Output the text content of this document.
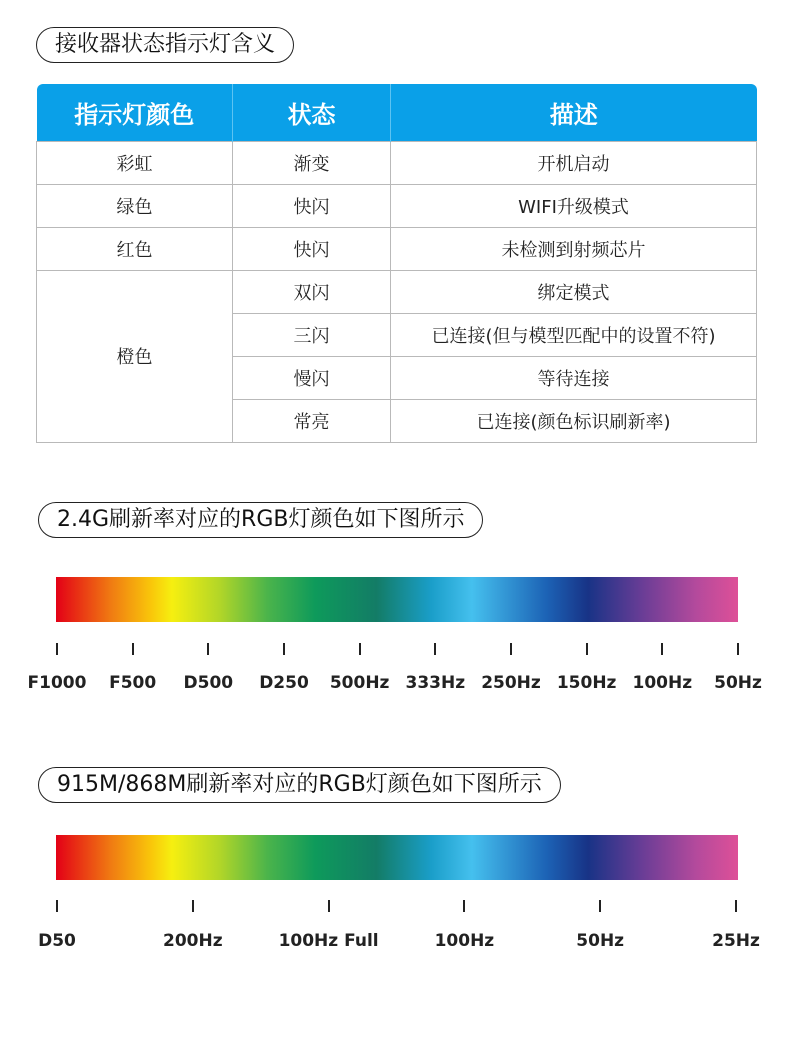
接收器状态指示灯含义
指示灯颜色	状态	描述
彩虹	渐变	开机启动
绿色	快闪	WIFI升级模式
红色	快闪	未检测到射频芯片
橙色	双闪	绑定模式
	三闪	已连接(但与模型匹配中的设置不符)
	慢闪	等待连接
	常亮	已连接(颜色标识刷新率)
2.4G刷新率对应的RGB灯颜色如下图所示
F1000	F500	D500	D250	500Hz 333Hz 250Hz 150Hz 100Hz	50Hz
915M/868M刷新率对应的RGB灯颜色如下图所示
D50	200Hz	100Hz Full	100Hz	50Hz	25Hz
